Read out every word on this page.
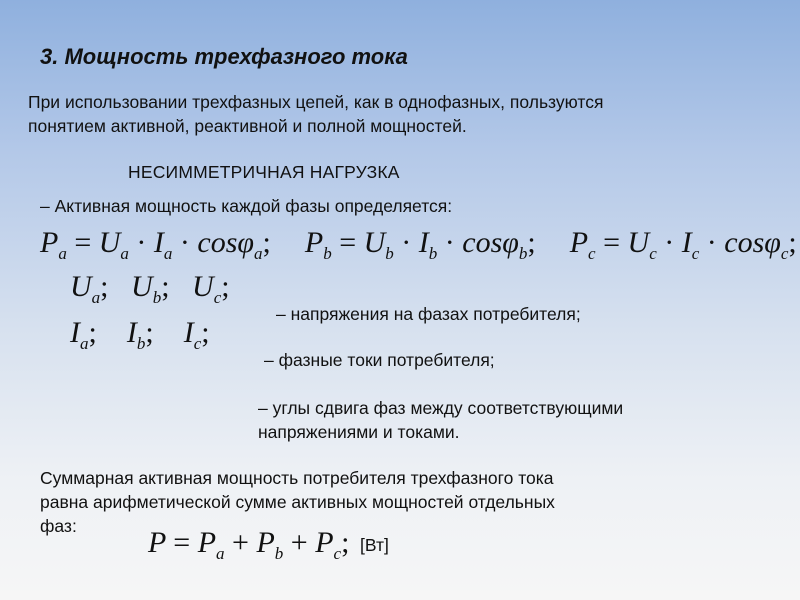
3. Мощность трехфазного тока
При использовании трехфазных цепей, как в однофазных, пользуются
понятием активной, реактивной и полной мощностей.
НЕСИММЕТРИЧНАЯ НАГРУЗКА
– Активная мощность каждой фазы определяется:
$P_a = U_a \cdot I_a \cdot \cos\varphi_a$; $P_b = U_b \cdot I_b \cdot \cos\varphi_b$; $P_c = U_c \cdot I_c \cdot \cos\varphi_c$;
$U_a$;   $U_b$;   $U_c$;
$I_a$;    $I_b$;    $I_c$;
– напряжения на фазах потребителя;
– фазные токи потребителя;
– углы сдвига фаз между соответствующими
напряжениями и токами.
Суммарная активная мощность потребителя трехфазного тока
равна арифметической сумме активных мощностей отдельных
фаз:	$P = P_a + P_b + P_c$; [Вт]
